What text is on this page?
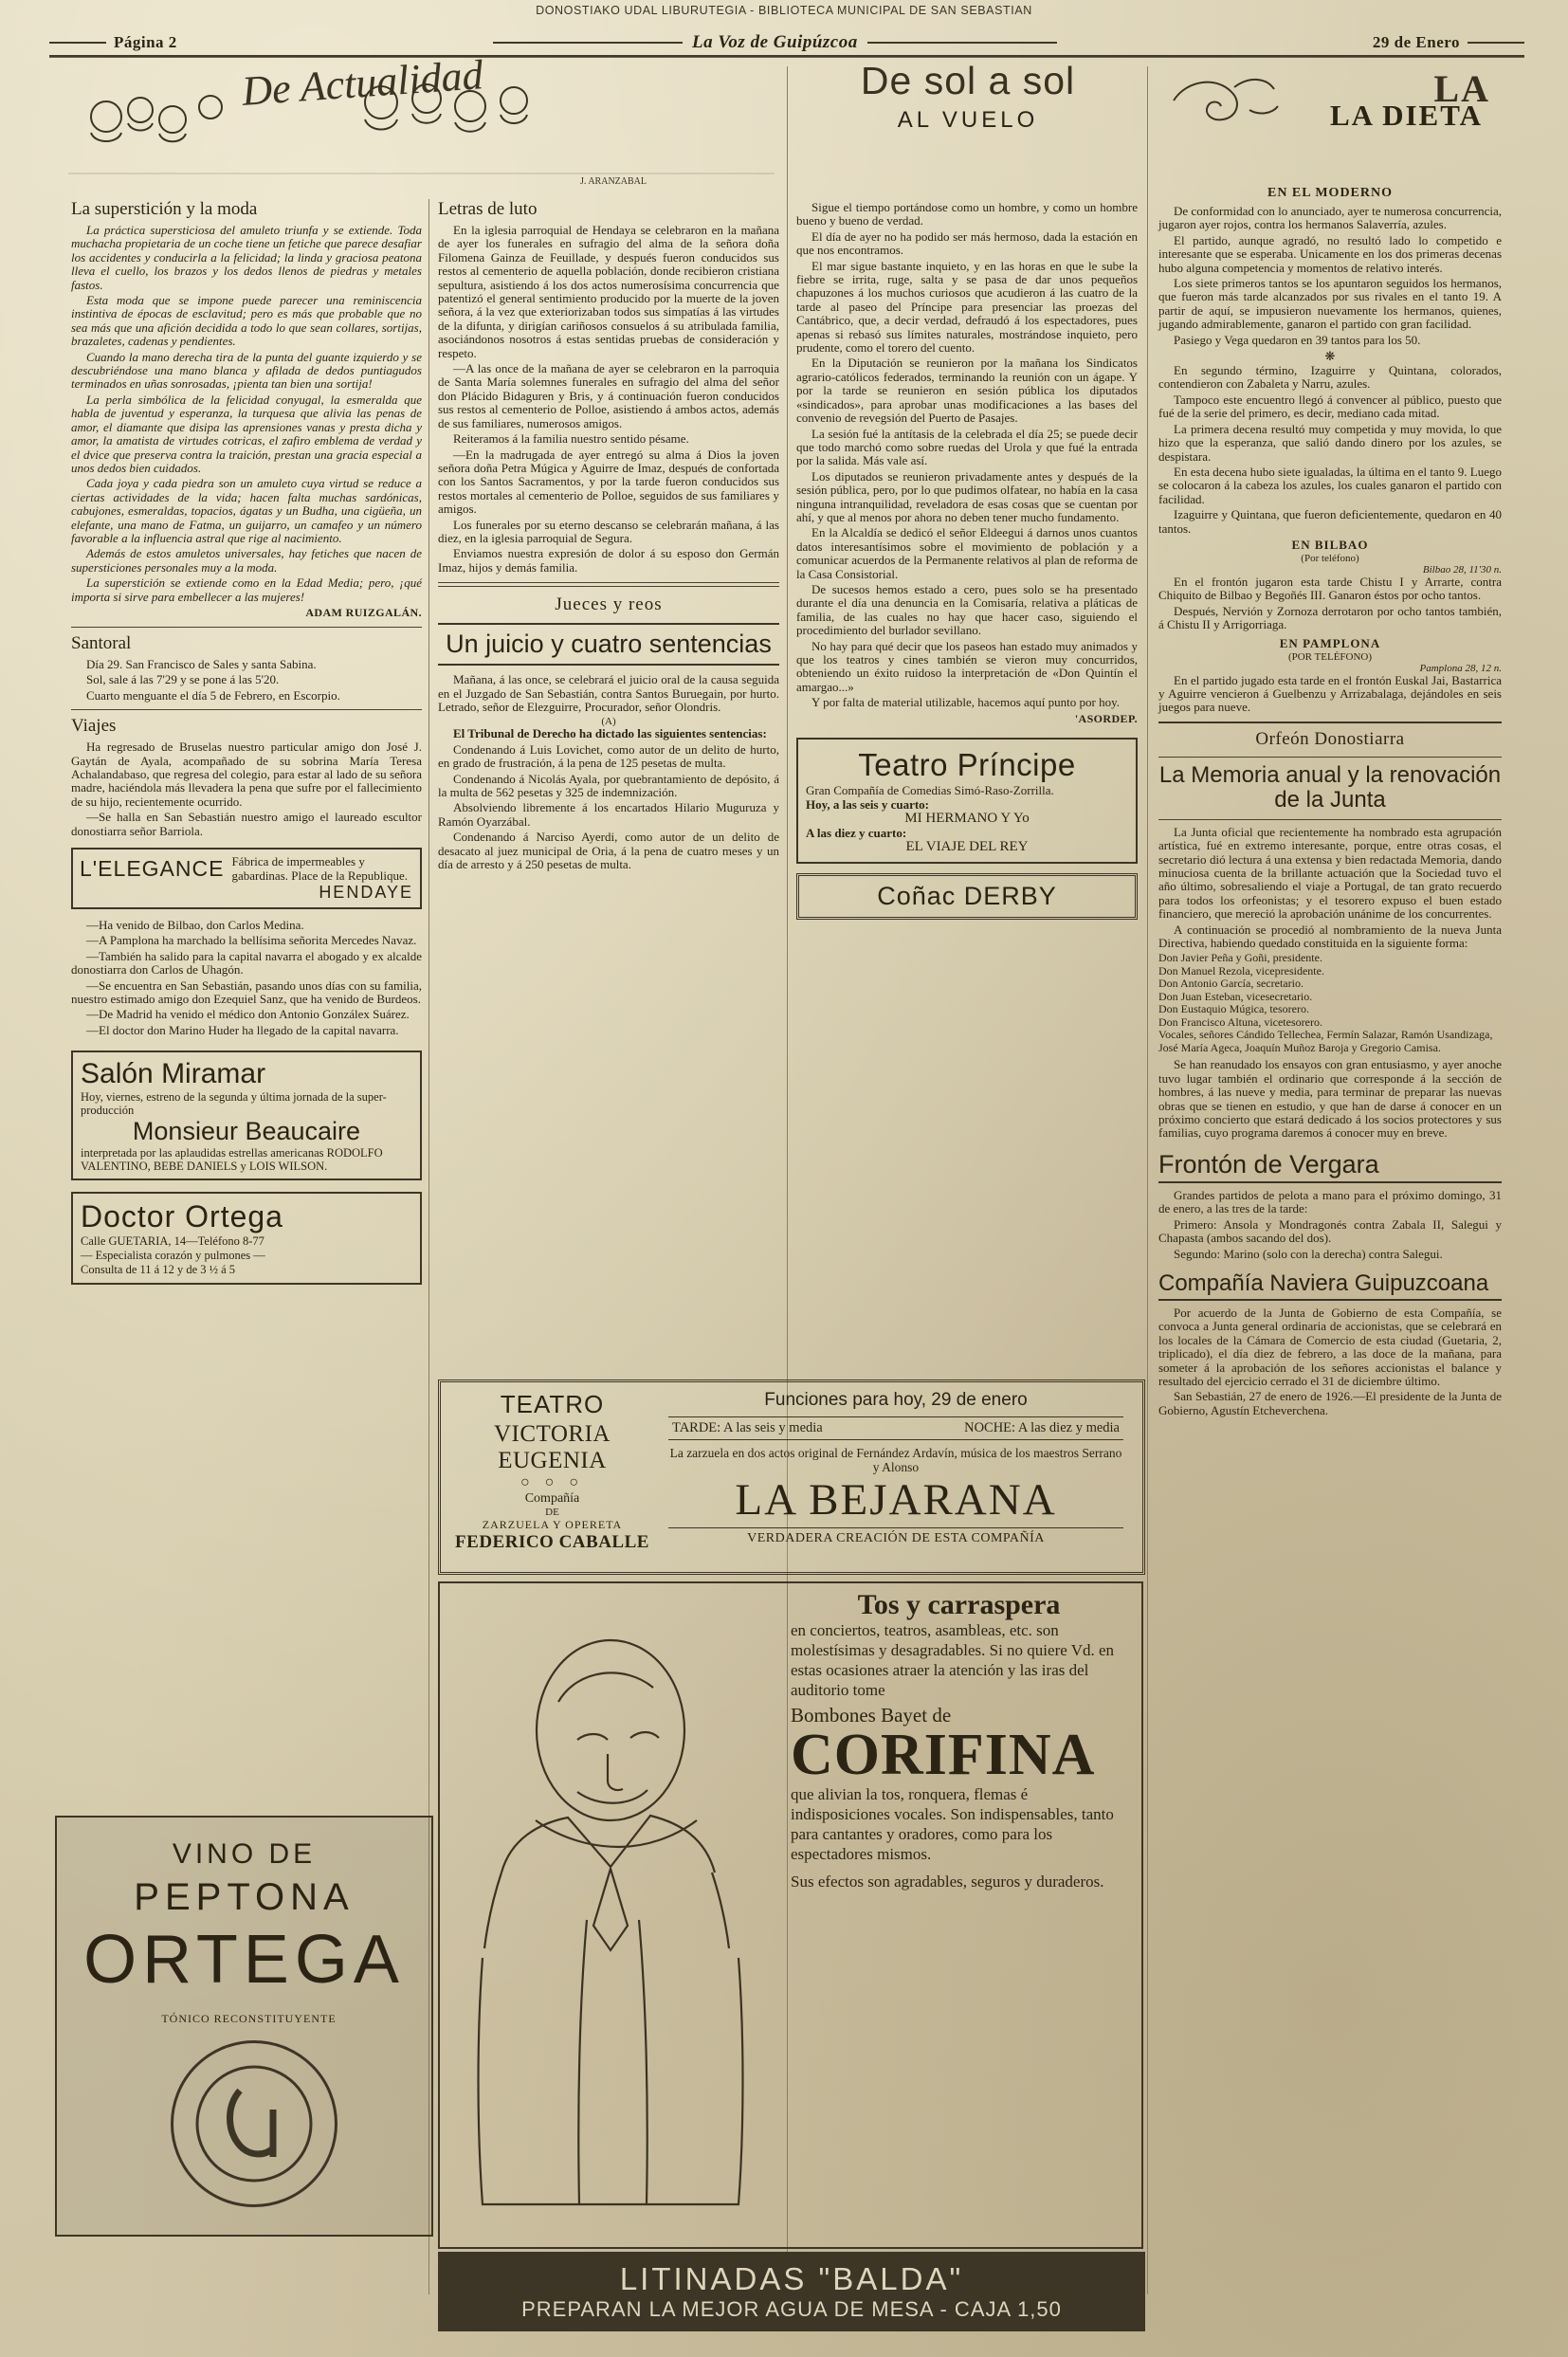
DONOSTIAKO UDAL LIBURUTEGIA - BIBLIOTECA MUNICIPAL DE SAN SEBASTIAN
Página 2	La Voz de Guipúzcoa	29 de Enero
J. ARANZABAL
De Actualidad	De sol a sol
AL VUELO
LA
LA DIETA
La superstición y la moda

La práctica supersticiosa del amuleto triunfa y se extiende. Toda muchacha propietaria de un coche tiene un fetiche que parece desafiar los accidentes y conducirla a la felicidad; la linda y graciosa peatona lleva el cuello, los brazos y los dedos llenos de piedras y metales fastos.

Esta moda que se impone puede parecer una reminiscencia instintiva de épocas de esclavitud; pero es más que probable que no sea más que una afición decidida a todo lo que sean collares, sortijas, brazaletes, cadenas y pendientes.

Cuando la mano derecha tira de la punta del guante izquierdo y se descubriéndose una mano blanca y afilada de dedos puntiagudos terminados en uñas sonrosadas, ¡pienta tan bien una sortija!

La perla simbólica de la felicidad conyugal, la esmeralda que habla de juventud y esperanza, la turquesa que alivia las penas de amor, el diamante que disipa las aprensiones vanas y presta dicha y amor, la amatista de virtudes cotricas, el zafiro emblema de verdad y el dvice que preserva contra la traición, prestan una gracia especial a unos dedos bien cuidados.

Cada joya y cada piedra son un amuleto cuya virtud se reduce a ciertas actividades de la vida; hacen falta muchas sardónicas, cabujones, esmeraldas, topacios, ágatas y un Budha, una cigüeña, un elefante, una mano de Fatma, un guijarro, un camafeo y un número favorable a la influencia astral que rige al nacimiento.

Además de estos amuletos universales, hay fetiches que nacen de supersticiones personales muy a la moda.

La superstición se extiende como en la Edad Media; pero, ¡qué importa si sirve para embellecer a las mujeres!

ADAM RUIZGALÁN.
Santoral

Día 29. San Francisco de Sales y santa Sabina.

Sol, sale á las 7'29 y se pone á las 5'20.

Cuarto menguante el día 5 de Febrero, en Escorpio.

Viajes

Ha regresado de Bruselas nuestro particular amigo don José J. Gaytán de Ayala, acompañado de su sobrina María Teresa Achalandabaso, que regresa del colegio, para estar al lado de su señora madre, haciéndola más llevadera la pena que sufre por el fallecimiento de su hijo, recientemente ocurrido.

—Se halla en San Sebastián nuestro amigo el laureado escultor donostiarra señor Barriola.

L'ELEGANCE Fábrica de impermeables y gabardinas. Place de la Republique.
HENDAYE

—Ha venido de Bilbao, don Carlos Medina.

—A Pamplona ha marchado la bellísima señorita Mercedes Navaz.

—También ha salido para la capital navarra el abogado y ex alcalde donostiarra don Carlos de Uhagón.

—Se encuentra en San Sebastián, pasando unos días con su familia, nuestro estimado amigo don Ezequiel Sanz, que ha venido de Burdeos.

—De Madrid ha venido el médico don Antonio Gonzálex Suárez.

—El doctor don Marino Huder ha llegado de la capital navarra.

Salón Miramar
Hoy, viernes, estreno de la segunda y última jornada de la super-producción
Monsieur Beaucaire
interpretada por las aplaudidas estrellas americanas RODOLFO VALENTINO, BEBE DANIELS y LOIS WILSON.
Doctor Ortega
Calle GUETARIA, 14—Teléfono 8-77
— Especialista corazón y pulmones —
Consulta de 11 á 12 y de 3 ½ á 5
VINO DE
PEPTONA
ORTEGA
TÓNICO RECONSTITUYENTE
Letras de luto

En la iglesia parroquial de Hendaya se celebraron en la mañana de ayer los funerales en sufragio del alma de la señora doña Filomena Gainza de Feuillade, y después fueron conducidos sus restos al cementerio de aquella población, donde recibieron cristiana sepultura, asistiendo á los dos actos numerosísima concurrencia que patentizó el general sentimiento producido por la muerte de la joven señora, á la vez que exteriorizaban todos sus simpatías á las virtudes de la difunta, y dirigían cariñosos consuelos á su atribulada familia, asociándonos nosotros á estas sentidas pruebas de consideración y respeto.

—A las once de la mañana de ayer se celebraron en la parroquia de Santa María solemnes funerales en sufragio del alma del señor don Plácido Bidaguren y Bris, y á continuación fueron conducidos sus restos al cementerio de Polloe, asistiendo á ambos actos, además de sus familiares, numerosos amigos.

Reiteramos á la familia nuestro sentido pésame.

—En la madrugada de ayer entregó su alma á Dios la joven señora doña Petra Múgica y Aguirre de Imaz, después de confortada con los Santos Sacramentos, y por la tarde fueron conducidos sus restos mortales al cementerio de Polloe, seguidos de sus familiares y amigos.

Los funerales por su eterno descanso se celebrarán mañana, á las diez, en la iglesia parroquial de Segura.

Enviamos nuestra expresión de dolor á su esposo don Germán Imaz, hijos y demás familia.

Jueces y reos
Un juicio y cuatro sentencias

Mañana, á las once, se celebrará el juicio oral de la causa seguida en el Juzgado de San Sebastián, contra Santos Buruegain, por hurto. Letrado, señor de Elezguirre, Procurador, señor Olondris.

(A)

El Tribunal de Derecho ha dictado las siguientes sentencias:

Condenando á Luis Lovichet, como autor de un delito de hurto, en grado de frustración, á la pena de 125 pesetas de multa.

Condenando á Nicolás Ayala, por quebrantamiento de depósito, á la multa de 562 pesetas y 325 de indemnización.

Absolviendo libremente á los encartados Hilario Muguruza y Ramón Oyarzábal.

Condenando á Narciso Ayerdi, como autor de un delito de desacato al juez municipal de Oria, á la pena de cuatro meses y un día de arresto y á 250 pesetas de multa.

Sigue el tiempo portándose como un hombre, y como un hombre bueno y bueno de verdad.

El día de ayer no ha podido ser más hermoso, dada la estación en que nos encontramos.

El mar sigue bastante inquieto, y en las horas en que le sube la fiebre se irrita, ruge, salta y se pasa de dar unos pequeños chapuzones á los muchos curiosos que acudieron á las cuatro de la tarde al paseo del Príncipe para presenciar las proezas del Cantábrico, que, a decir verdad, defraudó á los espectadores, pues apenas si rebasó sus límites naturales, mostrándose inquieto, pero prudente, como el torero del cuento.

En la Diputación se reunieron por la mañana los Sindicatos agrario-católicos federados, terminando la reunión con un ágape. Y por la tarde se reunieron en sesión pública los diputados «sindicados», para aprobar unas modificaciones a las bases del convenio de revegsión del Puerto de Pasajes.

La sesión fué la antítasis de la celebrada el día 25; se puede decir que todo marchó como sobre ruedas del Urola y que fué la entrada por la salida. Más vale así.

Los diputados se reunieron privadamente antes y después de la sesión pública, pero, por lo que pudimos olfatear, no había en la casa ninguna intranquilidad, reveladora de esas cosas que se cuentan por ahí, y que al menos por ahora no deben tener mucho fundamento.

En la Alcaldía se dedicó el señor Eldeegui á darnos unos cuantos datos interesantísimos sobre el movimiento de población y a comunicar acuerdos de la Permanente relativos al plan de reforma de la Casa Consistorial.

De sucesos hemos estado a cero, pues solo se ha presentado durante el día una denuncia en la Comisaría, relativa a pláticas de familia, de las cuales no hay que hacer caso, siguiendo el procedimiento del burlador sevillano.

No hay para qué decir que los paseos han estado muy animados y que los teatros y cines también se vieron muy concurridos, obteniendo un éxito ruidoso la interpretación de «Don Quintín el amargao...»

Y por falta de material utilizable, hacemos aquí punto por hoy.

'ASORDEP.
Teatro Príncipe
Gran Compañía de Comedias Simó-Raso-Zorrilla.
Hoy, a las seis y cuarto:
MI HERMANO Y Yo
A las diez y cuarto:
EL VIAJE DEL REY
Coñac DERBY
EN EL MODERNO

De conformidad con lo anunciado, ayer te numerosa concurrencia, jugaron ayer rojos, contra los hermanos Salaverría, azules.

El partido, aunque agradó, no resultó lado lo competido e interesante que se esperaba. Unicamente en los dos primeras decenas hubo alguna competencia y momentos de relativo interés.

Los siete primeros tantos se los apuntaron seguidos los hermanos, que fueron más tarde alcanzados por sus rivales en el tanto 19. A partir de aquí, se impusieron nuevamente los hermanos, quienes, jugando admirablemente, ganaron el partido con gran facilidad.

Pasiego y Vega quedaron en 39 tantos para los 50.

❋

En segundo término, Izaguirre y Quintana, colorados, contendieron con Zabaleta y Narru, azules.

Tampoco este encuentro llegó á convencer al público, puesto que fué de la serie del primero, es decir, mediano cada mitad.

La primera decena resultó muy competida y muy movida, lo que hizo que la esperanza, que salió dando dinero por los azules, se despistara.

En esta decena hubo siete igualadas, la última en el tanto 9. Luego se colocaron á la cabeza los azules, los cuales ganaron el partido con facilidad.

Izaguirre y Quintana, que fueron deficientemente, quedaron en 40 tantos.

EN BILBAO
(Por teléfono)
Bilbao 28, 11'30 n.

En el frontón jugaron esta tarde Chistu I y Arrarte, contra Chiquito de Bilbao y Begoñés III. Ganaron éstos por ocho tantos.

Después, Nervión y Zornoza derrotaron por ocho tantos también, á Chistu II y Arrigorriaga.

EN PAMPLONA
(POR TELÉFONO)
Pamplona 28, 12 n.

En el partido jugado esta tarde en el frontón Euskal Jai, Bastarrica y Aguirre vencieron á Guelbenzu y Arrizabalaga, dejándoles en seis juegos para nueve.

Orfeón Donostiarra
La Memoria anual y la renovación de la Junta

La Junta oficial que recientemente ha nombrado esta agrupación artística, fué en extremo interesante, porque, entre otras cosas, el secretario dió lectura á una extensa y bien redactada Memoria, dando minuciosa cuenta de la brillante actuación que la Sociedad tuvo el año último, sobresaliendo el viaje a Portugal, de tan grato recuerdo para todos los orfeonistas; y el tesorero expuso el buen estado financiero, que mereció la aprobación unánime de los concurrentes.

A continuación se procedió al nombramiento de la nueva Junta Directiva, habiendo quedado constituida en la siguiente forma:

Don Javier Peña y Goñi, presidente.
Don Manuel Rezola, vicepresidente.
Don Antonio García, secretario.
Don Juan Esteban, vicesecretario.
Don Eustaquio Múgica, tesorero.
Don Francisco Altuna, vicetesorero.
Vocales, señores Cándido Tellechea, Fermín Salazar, Ramón Usandizaga, José María Ageca, Joaquín Muñoz Baroja y Gregorio Camisa.

Se han reanudado los ensayos con gran entusiasmo, y ayer anoche tuvo lugar también el ordinario que corresponde á la sección de hombres, á las nueve y media, para terminar de preparar las nuevas obras que se tienen en estudio, y que han de darse á conocer en un próximo concierto que estará dedicado á los socios protectores y sus familias, cuyo programa daremos á conocer muy en breve.

Frontón de Vergara

Grandes partidos de pelota a mano para el próximo domingo, 31 de enero, a las tres de la tarde:

Primero: Ansola y Mondragonés contra Zabala II, Salegui y Chapasta (ambos sacando del dos).

Segundo: Marino (solo con la derecha) contra Salegui.

Compañía Naviera Guipuzcoana

Por acuerdo de la Junta de Gobierno de esta Compañía, se convoca a Junta general ordinaria de accionistas, que se celebrará en los locales de la Cámara de Comercio de esta ciudad (Guetaria, 2, triplicado), el día diez de febrero, a las doce de la mañana, para someter á la aprobación de los señores accionistas el balance y resultado del ejercicio cerrado el 31 de diciembre último.

San Sebastián, 27 de enero de 1926.—El presidente de la Junta de Gobierno, Agustín Etcheverchena.

TEATRO
VICTORIA EUGENIA
○ ○ ○
Compañía
DE
ZARZUELA Y OPERETA
FEDERICO CABALLE
Funciones para hoy, 29 de enero
TARDE: A las seis y media	NOCHE: A las diez y media
La zarzuela en dos actos original de Fernández Ardavín, música de los maestros Serrano y Alonso
LA BEJARANA
VERDADERA CREACIÓN DE ESTA COMPAÑÍA
Tos y carraspera
en conciertos, teatros, asambleas, etc. son molestísimas y desagradables. Si no quiere Vd. en estas ocasiones atraer la atención y las iras del auditorio tome
Bombones Bayet de
CORIFINA
que alivian la tos, ronquera, flemas é indisposiciones vocales. Son indispensables, tanto para cantantes y oradores, como para los espectadores mismos.
Sus efectos son agradables, seguros y duraderos.
LITINADAS "BALDA"
PREPARAN LA MEJOR AGUA DE MESA - CAJA 1,50
